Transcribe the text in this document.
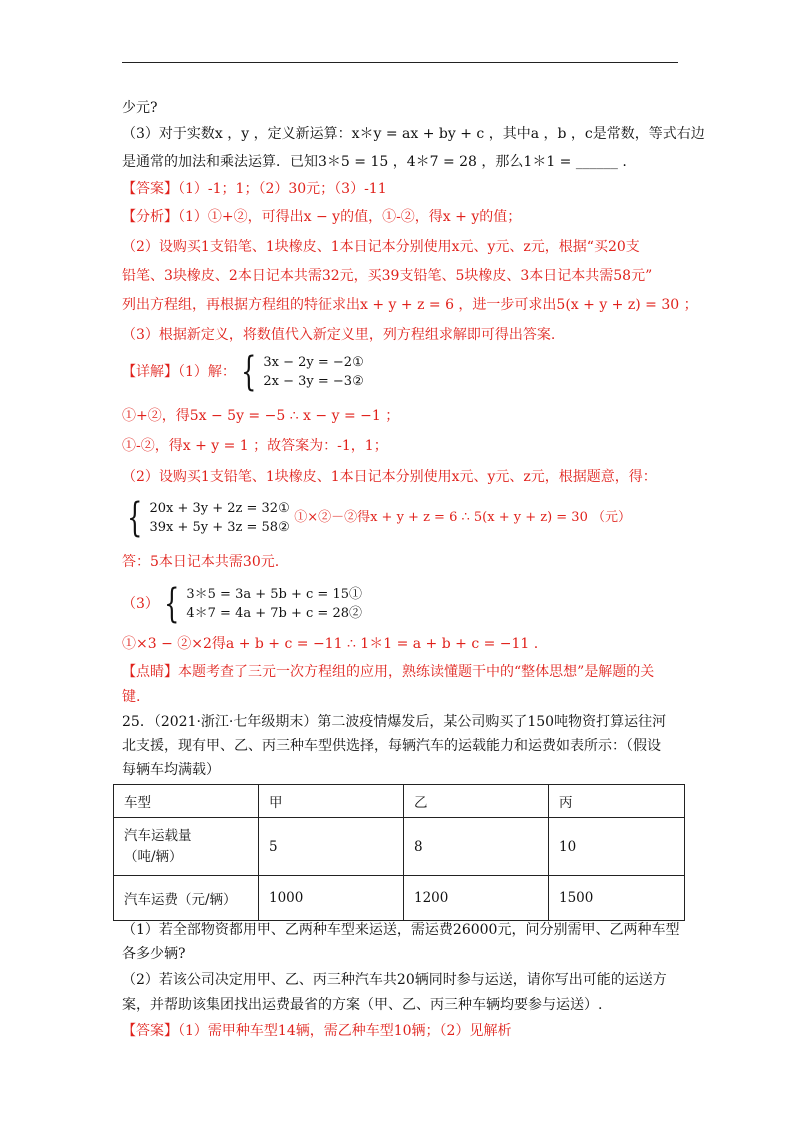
少元?
（3）对于实数x ，y ，定义新运算：x＊y = ax + by + c ，其中a ，b ，c是常数，等式右边
是通常的加法和乘法运算．已知3＊5 = 15 ，4＊7 = 28 ，那么1＊1 = ______ .
【答案】（1）-1；1；（2）30元；（3）-11
【分析】（1）①+②，可得出x − y的值，①-②，得x + y的值；
（2）设购买1支铅笔、1块橡皮、1本日记本分别使用x元、y元、z元，根据“买20支
铅笔、3块橡皮、2本日记本共需32元，买39支铅笔、5块橡皮、3本日记本共需58元”
列出方程组，再根据方程组的特征求出x + y + z = 6 ，进一步可求出5(x + y + z) = 30 ；
（3）根据新定义，将数值代入新定义里，列方程组求解即可得出答案.
【详解】（1）解： { 3x − 2y = −2①
2x − 3y = −3②
①+②，得5x − 5y = −5 ∴ x − y = −1 ；
①-②，得x + y = 1 ；故答案为：-1，1；
（2）设购买1支铅笔、1块橡皮、1本日记本分别使用x元、y元、z元，根据题意，得：
{ 20x + 3y + 2z = 32①
39x + 5y + 3z = 58② ①×②－②得x + y + z = 6 ∴ 5(x + y + z) = 30 （元）
答：5本日记本共需30元.
（3） { 3＊5 = 3a + 5b + c = 15①
4＊7 = 4a + 7b + c = 28②
①×3 − ②×2得a + b + c = −11 ∴ 1＊1 = a + b + c = −11 .
【点睛】本题考查了三元一次方程组的应用，熟练读懂题干中的“整体思想”是解题的关
键.
25．（2021·浙江·七年级期末）第二波疫情爆发后，某公司购买了150吨物资打算运往河
北支援，现有甲、乙、丙三种车型供选择，每辆汽车的运载能力和运费如表所示：（假设
每辆车均满载）
车型	甲	乙	丙
汽车运载量
（吨/辆）	5	8	10
汽车运费（元/辆）	1000	1200	1500
（1）若全部物资都用甲、乙两种车型来运送，需运费26000元，问分别需甲、乙两种车型
各多少辆?
（2）若该公司决定用甲、乙、丙三种汽车共20辆同时参与运送，请你写出可能的运送方
案，并帮助该集团找出运费最省的方案（甲、乙、丙三种车辆均要参与运送）.
【答案】（1）需甲种车型14辆，需乙种车型10辆；（2）见解析
